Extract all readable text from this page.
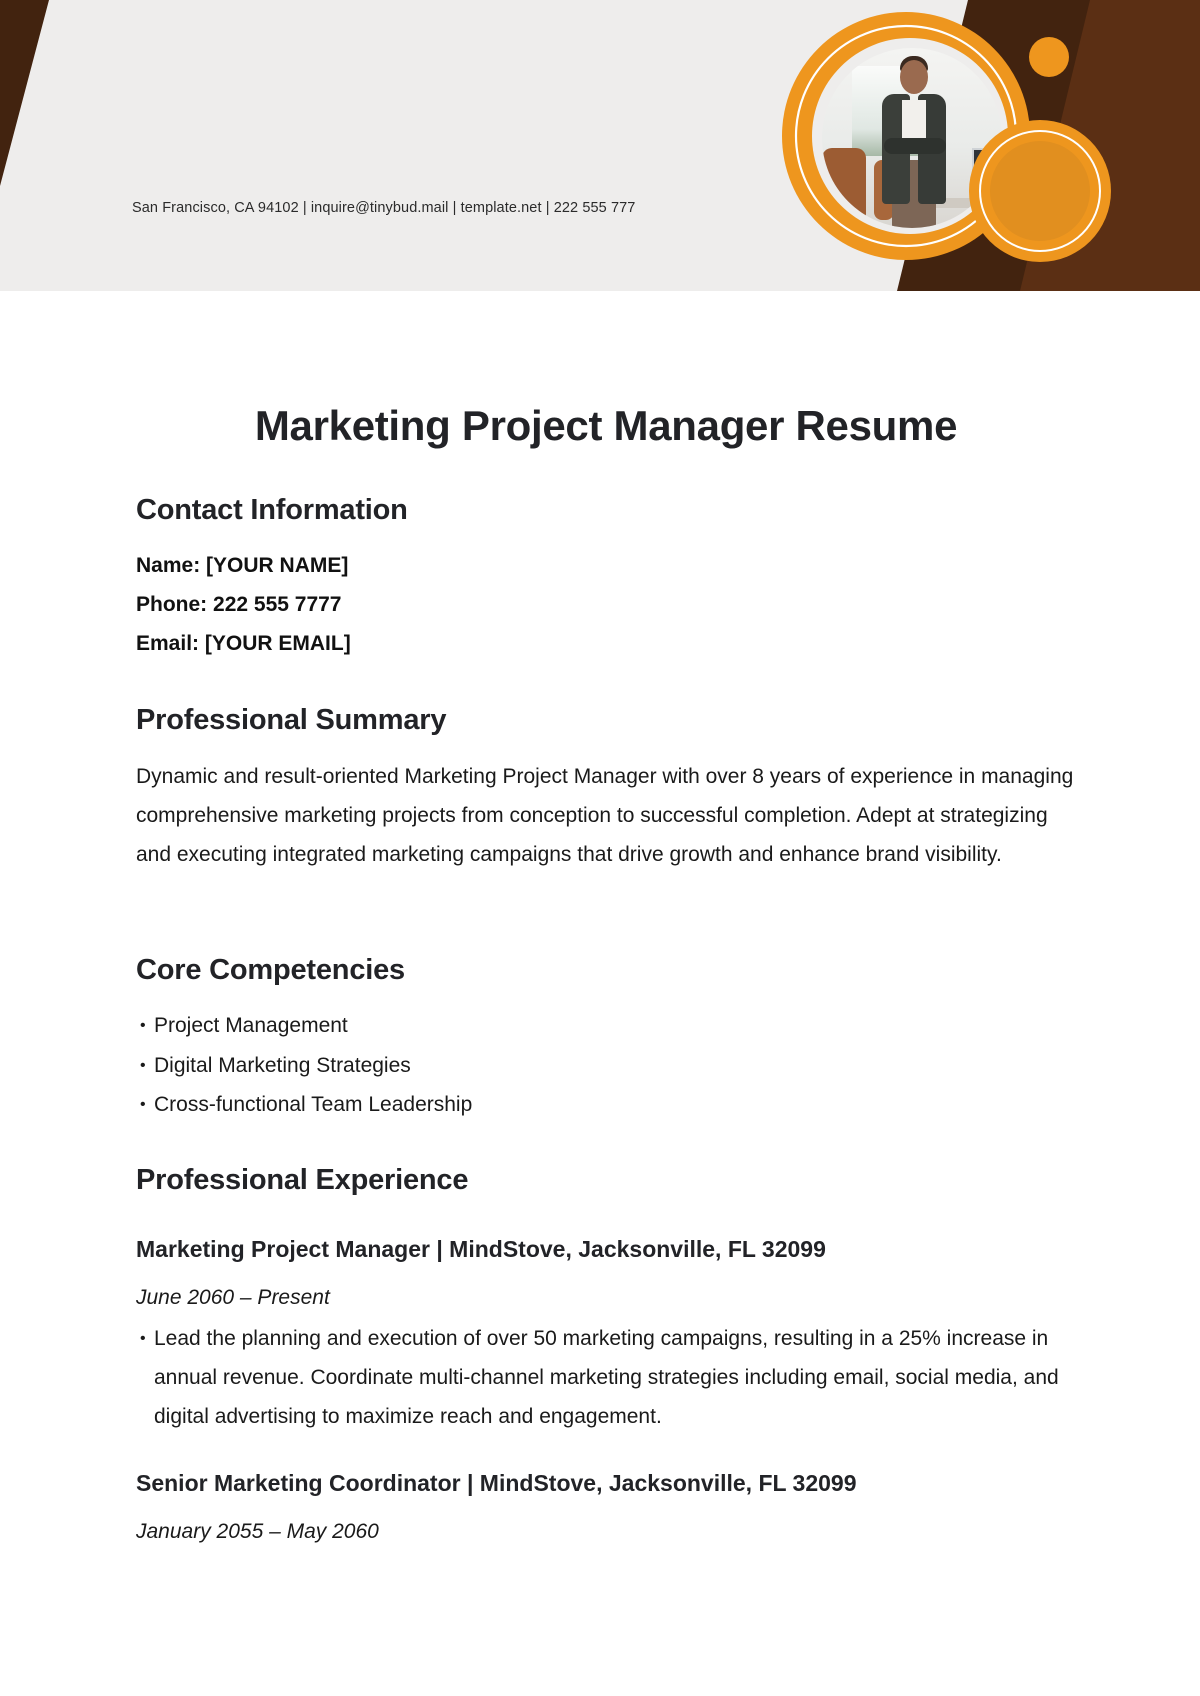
San Francisco, CA 94102 | inquire@tinybud.mail | template.net | 222 555 777
Marketing Project Manager Resume
Contact Information
Name: [YOUR NAME]
Phone: 222 555 7777
Email: [YOUR EMAIL]
Professional Summary

Dynamic and result-oriented Marketing Project Manager with over 8 years of experience in managing comprehensive marketing projects from conception to successful completion. Adept at strategizing and executing integrated marketing campaigns that drive growth and enhance brand visibility.

Core Competencies
• Project Management
• Digital Marketing Strategies
• Cross-functional Team Leadership
Professional Experience
Marketing Project Manager | MindStove, Jacksonville, FL 32099
June 2060 – Present
• Lead the planning and execution of over 50 marketing campaigns, resulting in a 25% increase in annual revenue. Coordinate multi-channel marketing strategies including email, social media, and digital advertising to maximize reach and engagement.
Senior Marketing Coordinator | MindStove, Jacksonville, FL 32099
January 2055 – May 2060
